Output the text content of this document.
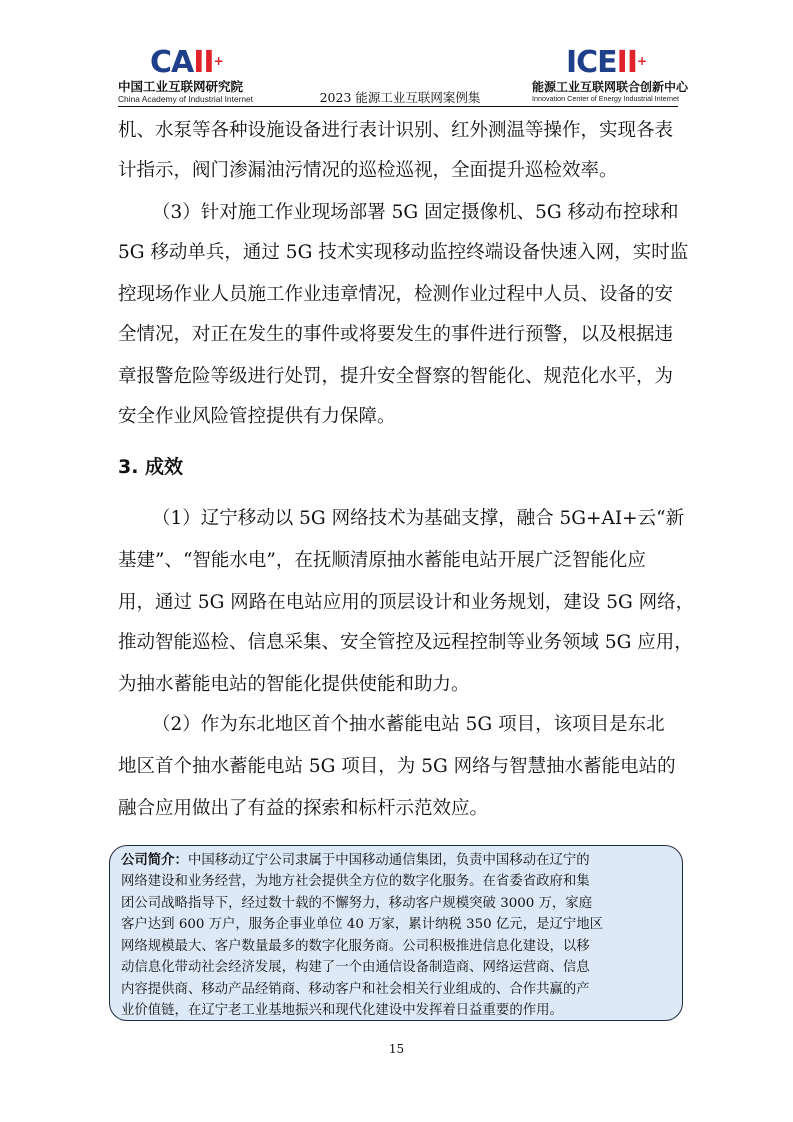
CAII +
中国工业互联网研究院
China Academy of Industrial Internet	2023 能源工业互联网案例集
ICEII +
能源工业互联网联合创新中心
Innovation Center of Energy Industrial Internet
机、水泵等各种设施设备进行表计识别、红外测温等操作，实现各表
计指示，阀门渗漏油污情况的巡检巡视，全面提升巡检效率。
（3）针对施工作业现场部署 5G 固定摄像机、5G 移动布控球和
5G 移动单兵，通过 5G 技术实现移动监控终端设备快速入网，实时监
控现场作业人员施工作业违章情况，检测作业过程中人员、设备的安
全情况，对正在发生的事件或将要发生的事件进行预警，以及根据违
章报警危险等级进行处罚，提升安全督察的智能化、规范化水平，为
安全作业风险管控提供有力保障。
3. 成效
（1）辽宁移动以 5G 网络技术为基础支撑，融合 5G+AI+云“新
基建”、“智能水电”，在抚顺清原抽水蓄能电站开展广泛智能化应
用，通过 5G 网路在电站应用的顶层设计和业务规划，建设 5G 网络，
推动智能巡检、信息采集、安全管控及远程控制等业务领域 5G 应用，
为抽水蓄能电站的智能化提供使能和助力。
（2）作为东北地区首个抽水蓄能电站 5G 项目，该项目是东北
地区首个抽水蓄能电站 5G 项目，为 5G 网络与智慧抽水蓄能电站的
融合应用做出了有益的探索和标杆示范效应。
公司简介：中国移动辽宁公司隶属于中国移动通信集团，负责中国移动在辽宁的
网络建设和业务经营，为地方社会提供全方位的数字化服务。在省委省政府和集
团公司战略指导下，经过数十载的不懈努力，移动客户规模突破 3000 万，家庭
客户达到 600 万户，服务企事业单位 40 万家，累计纳税 350 亿元，是辽宁地区
网络规模最大、客户数量最多的数字化服务商。公司积极推进信息化建设，以移
动信息化带动社会经济发展，构建了一个由通信设备制造商、网络运营商、信息
内容提供商、移动产品经销商、移动客户和社会相关行业组成的、合作共赢的产
业价值链，在辽宁老工业基地振兴和现代化建设中发挥着日益重要的作用。
15
